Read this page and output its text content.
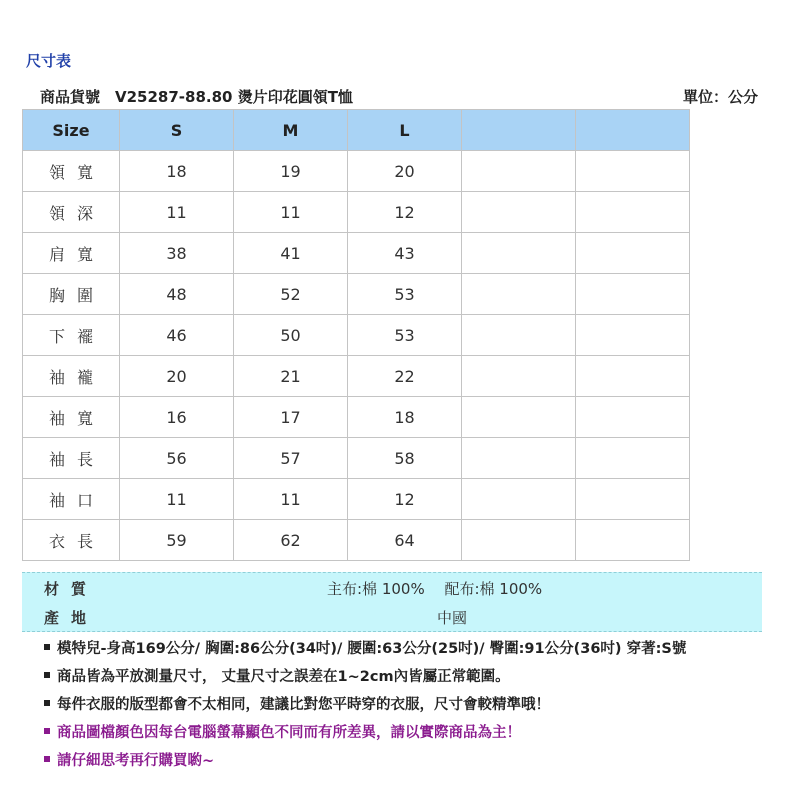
尺寸表
商品貨號　V25287-88.80 燙片印花圓領T恤	單位：公分
Size	S	M	L		
領寬	18	19	20		
領深	11	11	12		
肩寬	38	41	43		
胸圍	48	52	53		
下襬	46	50	53		
袖襱	20	21	22		
袖寬	16	17	18		
袖長	56	57	58		
袖口	11	11	12		
衣長	59	62	64		
材質	主布:棉 100%　 配布:棉 100%
產地	中國
模特兒-身高169公分/ 胸圍:86公分(34吋)/ 腰圍:63公分(25吋)/ 臀圍:91公分(36吋) 穿著:S號
商品皆為平放測量尺寸， 丈量尺寸之誤差在1~2cm內皆屬正常範圍。
每件衣服的版型都會不太相同，建議比對您平時穿的衣服，尺寸會較精準哦！
商品圖檔顏色因每台電腦螢幕顯色不同而有所差異，請以實際商品為主！
請仔細思考再行購買喲~
